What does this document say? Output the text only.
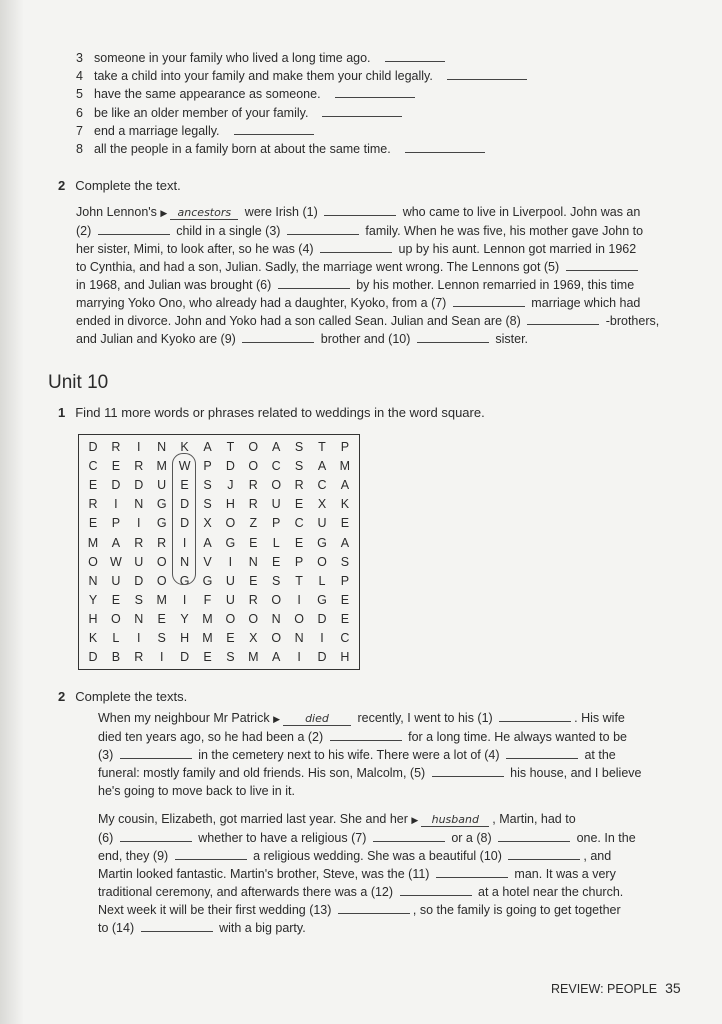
3 someone in your family who lived a long time ago.
4 take a child into your family and make them your child legally.
5 have the same appearance as someone.
6 be like an older member of your family.
7 end a marriage legally.
8 all the people in a family born at about the same time.
2 Complete the text.
John Lennon's ▶ ancestors were Irish (1)	who came to live in Liverpool. John was an
(2)	child in a single (3)	family. When he was five, his mother gave John to
her sister, Mimi, to look after, so he was (4)	up by his aunt. Lennon got married in 1962
to Cynthia, and had a son, Julian. Sadly, the marriage went wrong. The Lennons got (5)
in 1968, and Julian was brought (6)	by his mother. Lennon remarried in 1969, this time
marrying Yoko Ono, who already had a daughter, Kyoko, from a (7)	marriage which had
ended in divorce. John and Yoko had a son called Sean. Julian and Sean are (8)	-brothers,
and Julian and Kyoko are (9)	brother and (10)	sister.
Unit 10
1 Find 11 more words or phrases related to weddings in the word square.
D	R	I	N	K	A	T	O	A	S	T	P
C	E	R	M W	P	D	O	C	S	A	M
E	D	D	U	E	S	J	R	O	R	C	A
R	I	N	G	D	S	H	R	U	E	X	K
E	P	I	G	D	X	O	Z	P	C	U	E
M	A	R	R	I	A	G	E	L	E	G	A
O W U	O	N	V	I	N	E	P	O	S
N	U	D	O	G	G	U	E	S	T	L	P
Y	E	S	M	I	F	U	R	O	I	G	E
H	O	N	E	Y	M	O	O	N	O	D	E
K	L	I	S	H	M	E	X	O	N	I	C
D	B	R	I	D	E	S	M	A	I	D	H
2 Complete the texts.
When my neighbour Mr Patrick ▶ died recently, I went to his (1)	. His wife
died ten years ago, so he had been a (2)	for a long time. He always wanted to be
(3)	in the cemetery next to his wife. There were a lot of (4)	at the
funeral: mostly family and old friends. His son, Malcolm, (5)	his house, and I believe
he's going to move back to live in it.
My cousin, Elizabeth, got married last year. She and her ▶ husband , Martin, had to
(6)	whether to have a religious (7)	or a (8)	one. In the
end, they (9)	a religious wedding. She was a beautiful (10)	, and
Martin looked fantastic. Martin's brother, Steve, was the (11)	man. It was a very
traditional ceremony, and afterwards there was a (12)	at a hotel near the church.
Next week it will be their first wedding (13)	, so the family is going to get together
to (14)	with a big party.
REVIEW: PEOPLE 35
